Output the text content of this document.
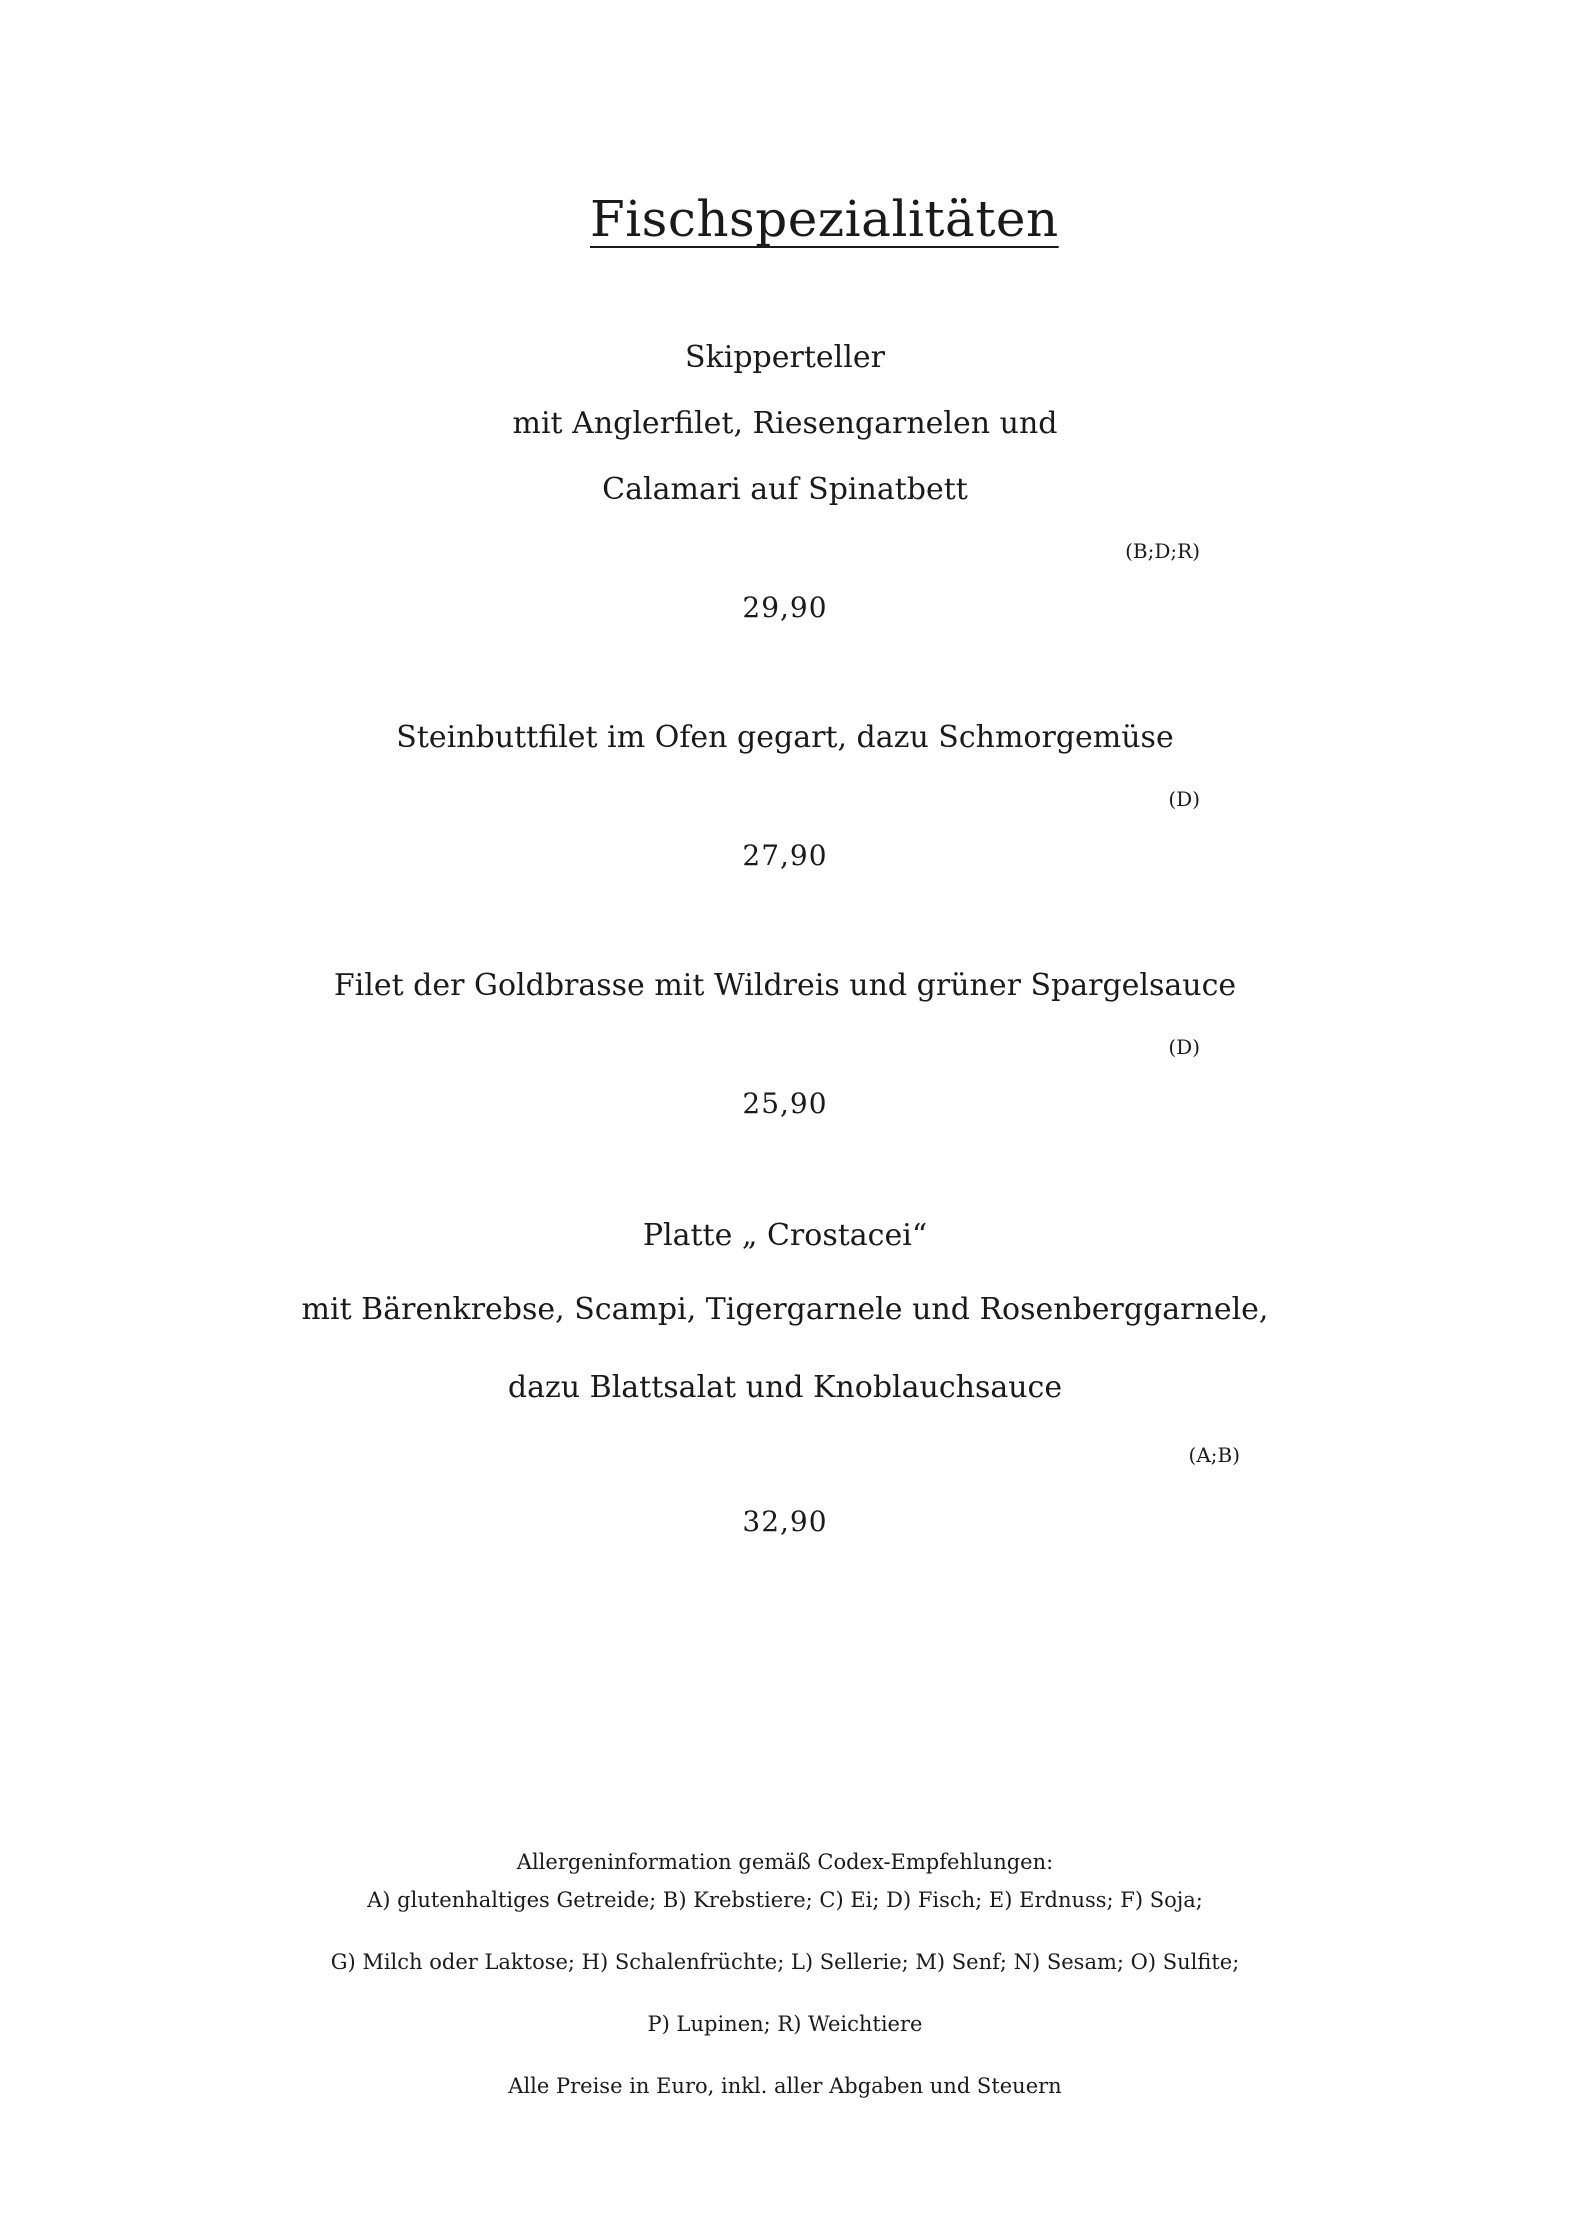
Fischspezialitäten

Skipperteller

mit Anglerfilet, Riesengarnelen und

Calamari auf Spinatbett

(B;D;R)

29,90

Steinbuttfilet im Ofen gegart, dazu Schmorgemüse

(D)

27,90

Filet der Goldbrasse mit Wildreis und grüner Spargelsauce

(D)

25,90

Platte „ Crostacei“

mit Bärenkrebse, Scampi, Tigergarnele und Rosenberggarnele,

dazu Blattsalat und Knoblauchsauce

(A;B)

32,90

Allergeninformation gemäß Codex-Empfehlungen:

A) glutenhaltiges Getreide; B) Krebstiere; C) Ei; D) Fisch; E) Erdnuss; F) Soja;

G) Milch oder Laktose; H) Schalenfrüchte; L) Sellerie; M) Senf; N) Sesam; O) Sulfite;

P) Lupinen; R) Weichtiere

Alle Preise in Euro, inkl. aller Abgaben und Steuern
